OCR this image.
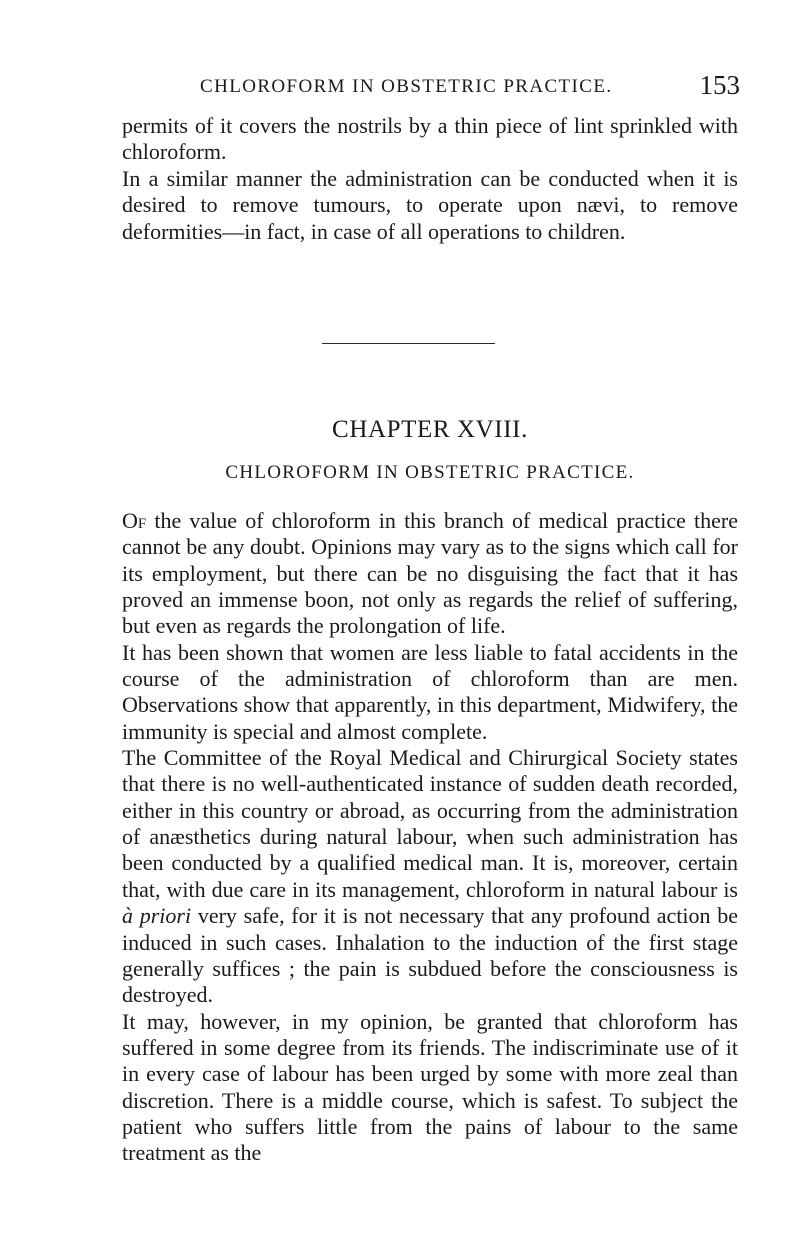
CHLOROFORM IN OBSTETRIC PRACTICE.	153

permits of it covers the nostrils by a thin piece of lint sprinkled with chloroform.

In a similar manner the administration can be conducted when it is desired to remove tumours, to operate upon nævi, to remove deformities—in fact, in case of all operations to children.

CHAPTER XVIII.
CHLOROFORM IN OBSTETRIC PRACTICE.

Of the value of chloroform in this branch of medical practice there cannot be any doubt. Opinions may vary as to the signs which call for its employment, but there can be no disguising the fact that it has proved an immense boon, not only as regards the relief of suffering, but even as regards the prolongation of life.

It has been shown that women are less liable to fatal accidents in the course of the administration of chloroform than are men. Observations show that apparently, in this department, Midwifery, the immunity is special and almost complete.

The Committee of the Royal Medical and Chirurgical Society states that there is no well-authenticated instance of sudden death recorded, either in this country or abroad, as occurring from the administration of anæsthetics during natural labour, when such administration has been conducted by a qualified medical man. It is, moreover, certain that, with due care in its management, chloroform in natural labour is à priori very safe, for it is not necessary that any profound action be induced in such cases. Inhalation to the induction of the first stage generally suffices ; the pain is subdued before the consciousness is destroyed.

It may, however, in my opinion, be granted that chloroform has suffered in some degree from its friends. The indiscriminate use of it in every case of labour has been urged by some with more zeal than discretion. There is a middle course, which is safest. To subject the patient who suffers little from the pains of labour to the same treatment as the
